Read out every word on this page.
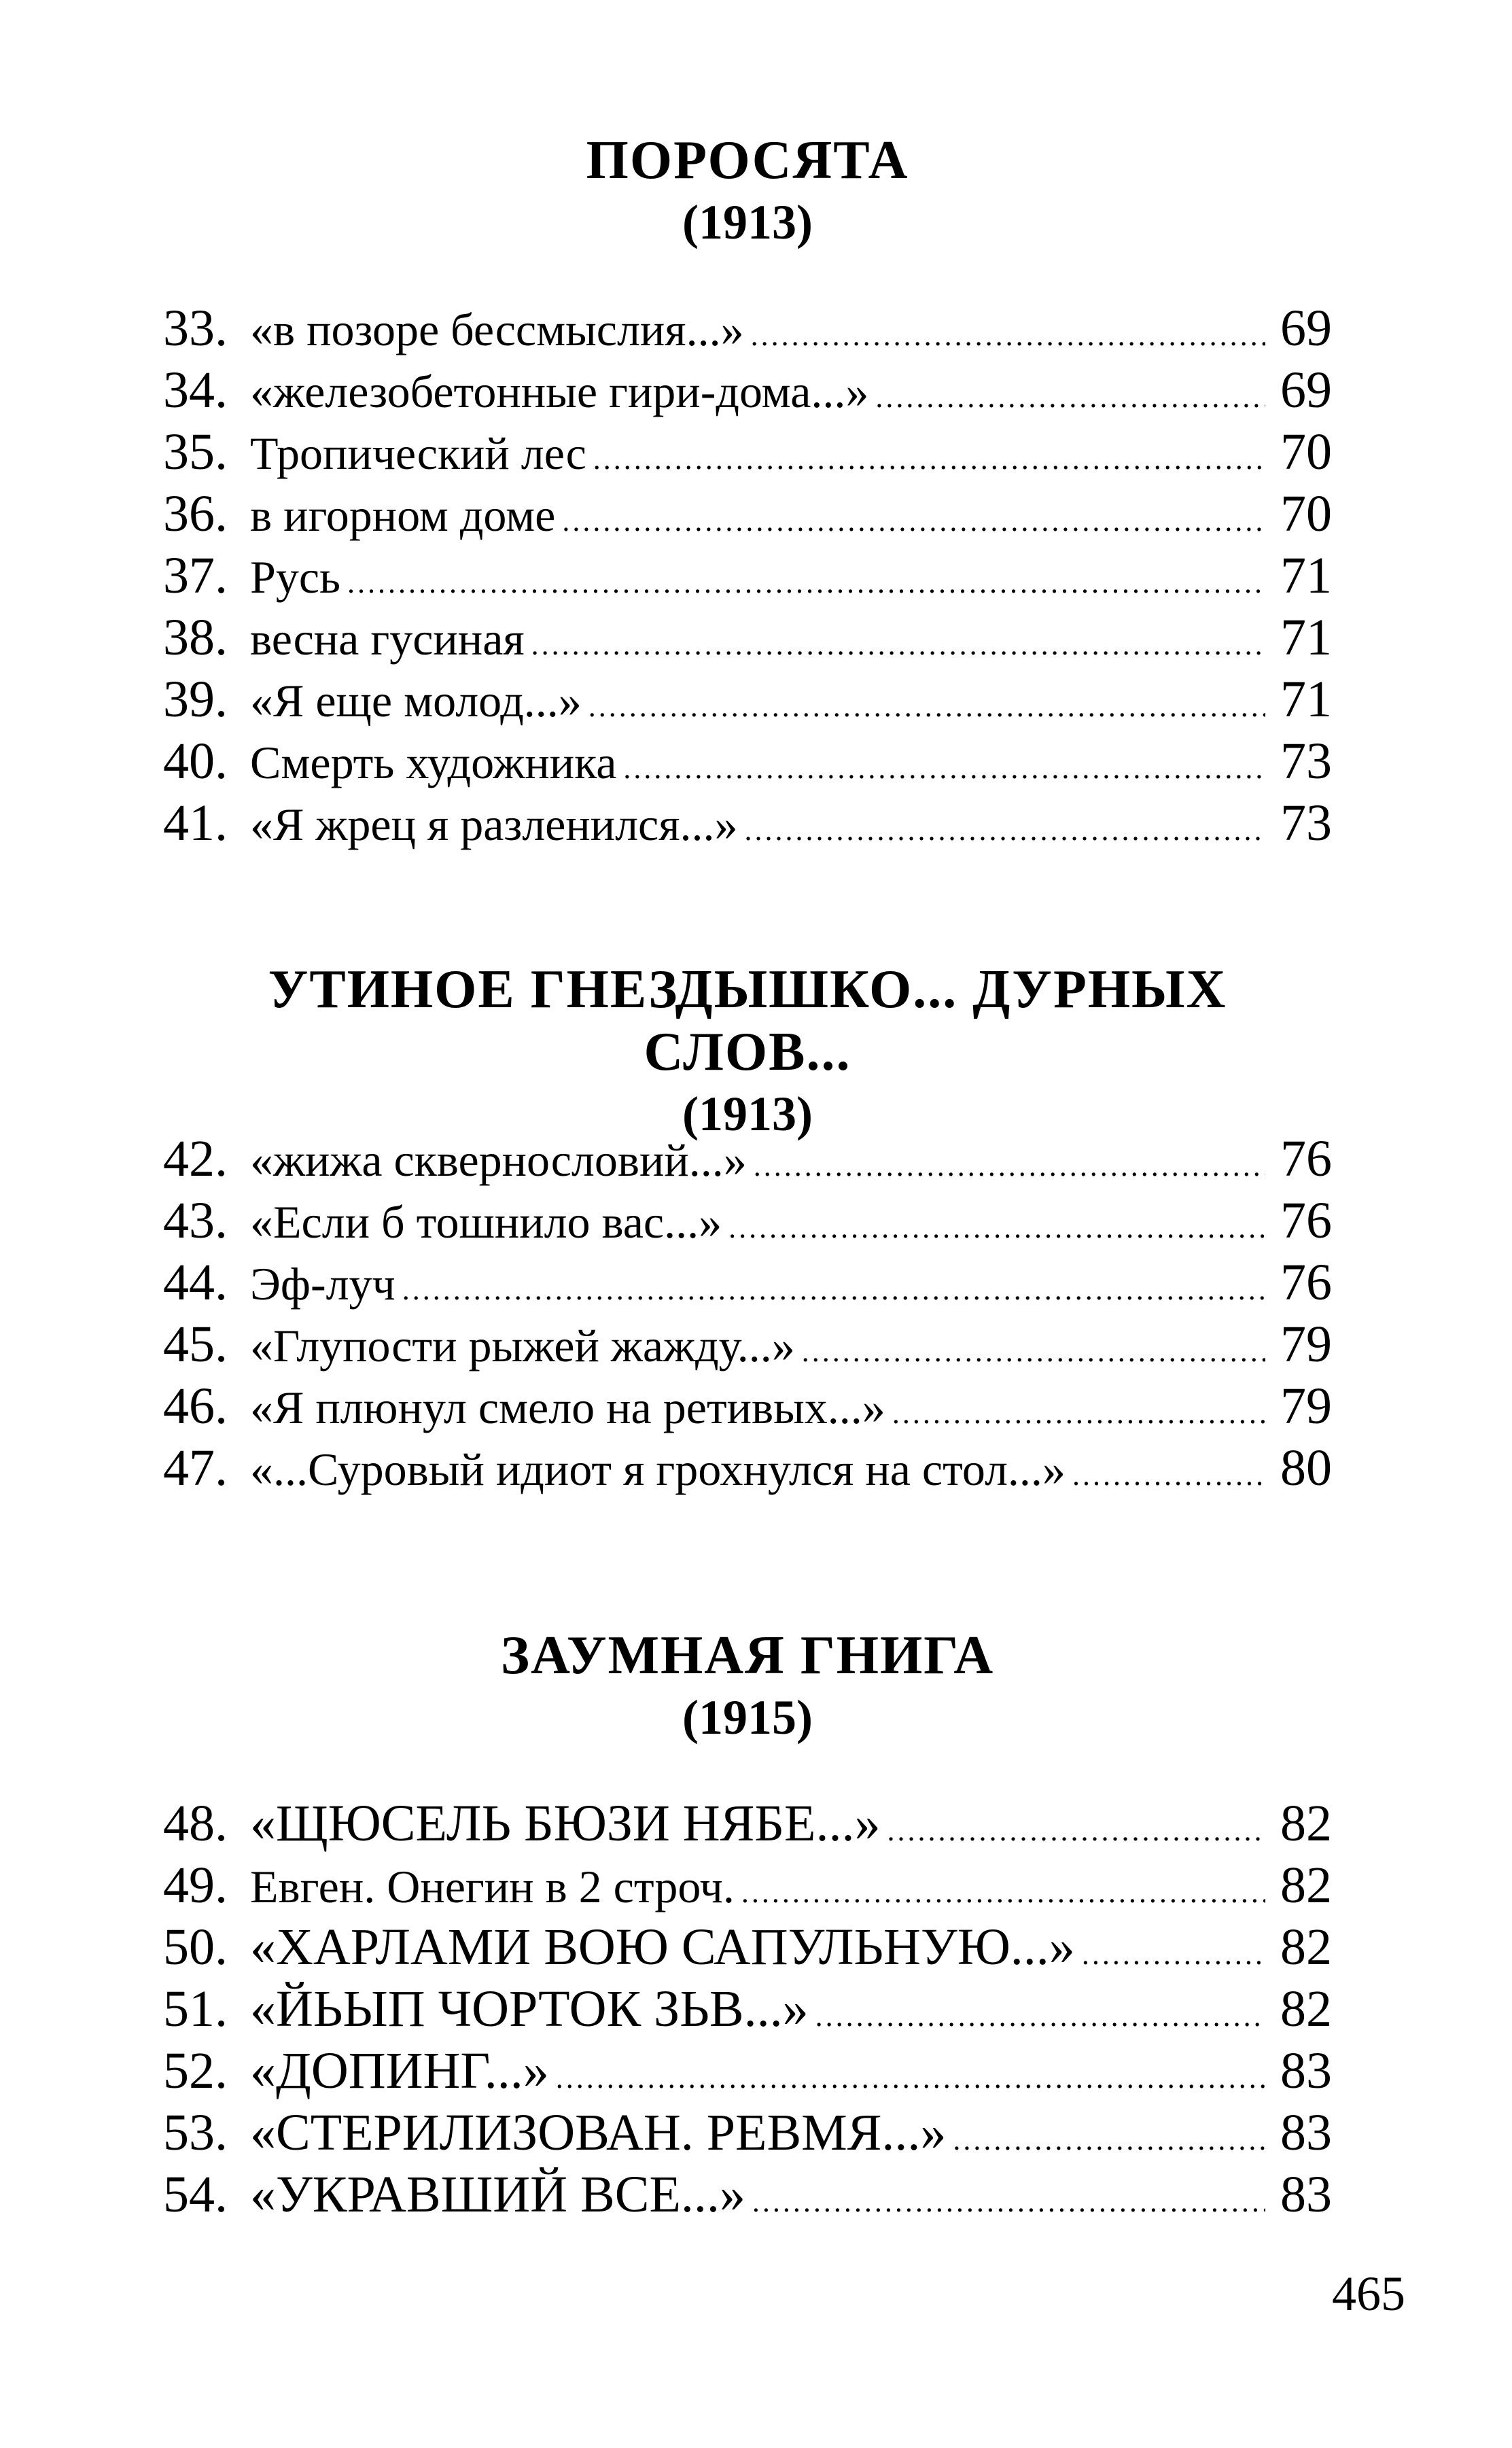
ПОРОСЯТА
(1913)
33. «в позоре бессмыслия...» .....	69
34. «железобетонные гири-дома...» .....	69
35. Тропический лес .....	70
36. в игорном доме .....	70
37. Русь .....	71
38. весна гусиная .....	71
39. «Я еще молод...» .....	71
40. Смерть художника .....	73
41. «Я жрец я разленился...» .....	73
УТИНОЕ ГНЕЗДЫШКО... ДУРНЫХ СЛОВ...
(1913)
42. «жижа сквернословий...» .....	76
43. «Если б тошнило вас...» .....	76
44. Эф-луч .....	76
45. «Глупости рыжей жажду...» .....	79
46. «Я плюнул смело на ретивых...» .....	79
47. «...Суровый идиот я грохнулся на стол...» .....	80
ЗАУМНАЯ ГНИГА
(1915)
48. «ЩЮСЕЛЬ БЮЗИ НЯБЕ...» .....	82
49. Евген. Онегин в 2 строч. .....	82
50. «ХАРЛАМИ ВОЮ САПУЛЬНУЮ...» .....	82
51. «ЙЬЫП ЧОРТОК ЗЬВ...» .....	82
52. «ДОПИНГ...» .....	83
53. «СТЕРИЛИЗОВАН. РЕВМЯ...» .....	83
54. «УКРАВШИЙ ВСЕ...» .....	83
465
